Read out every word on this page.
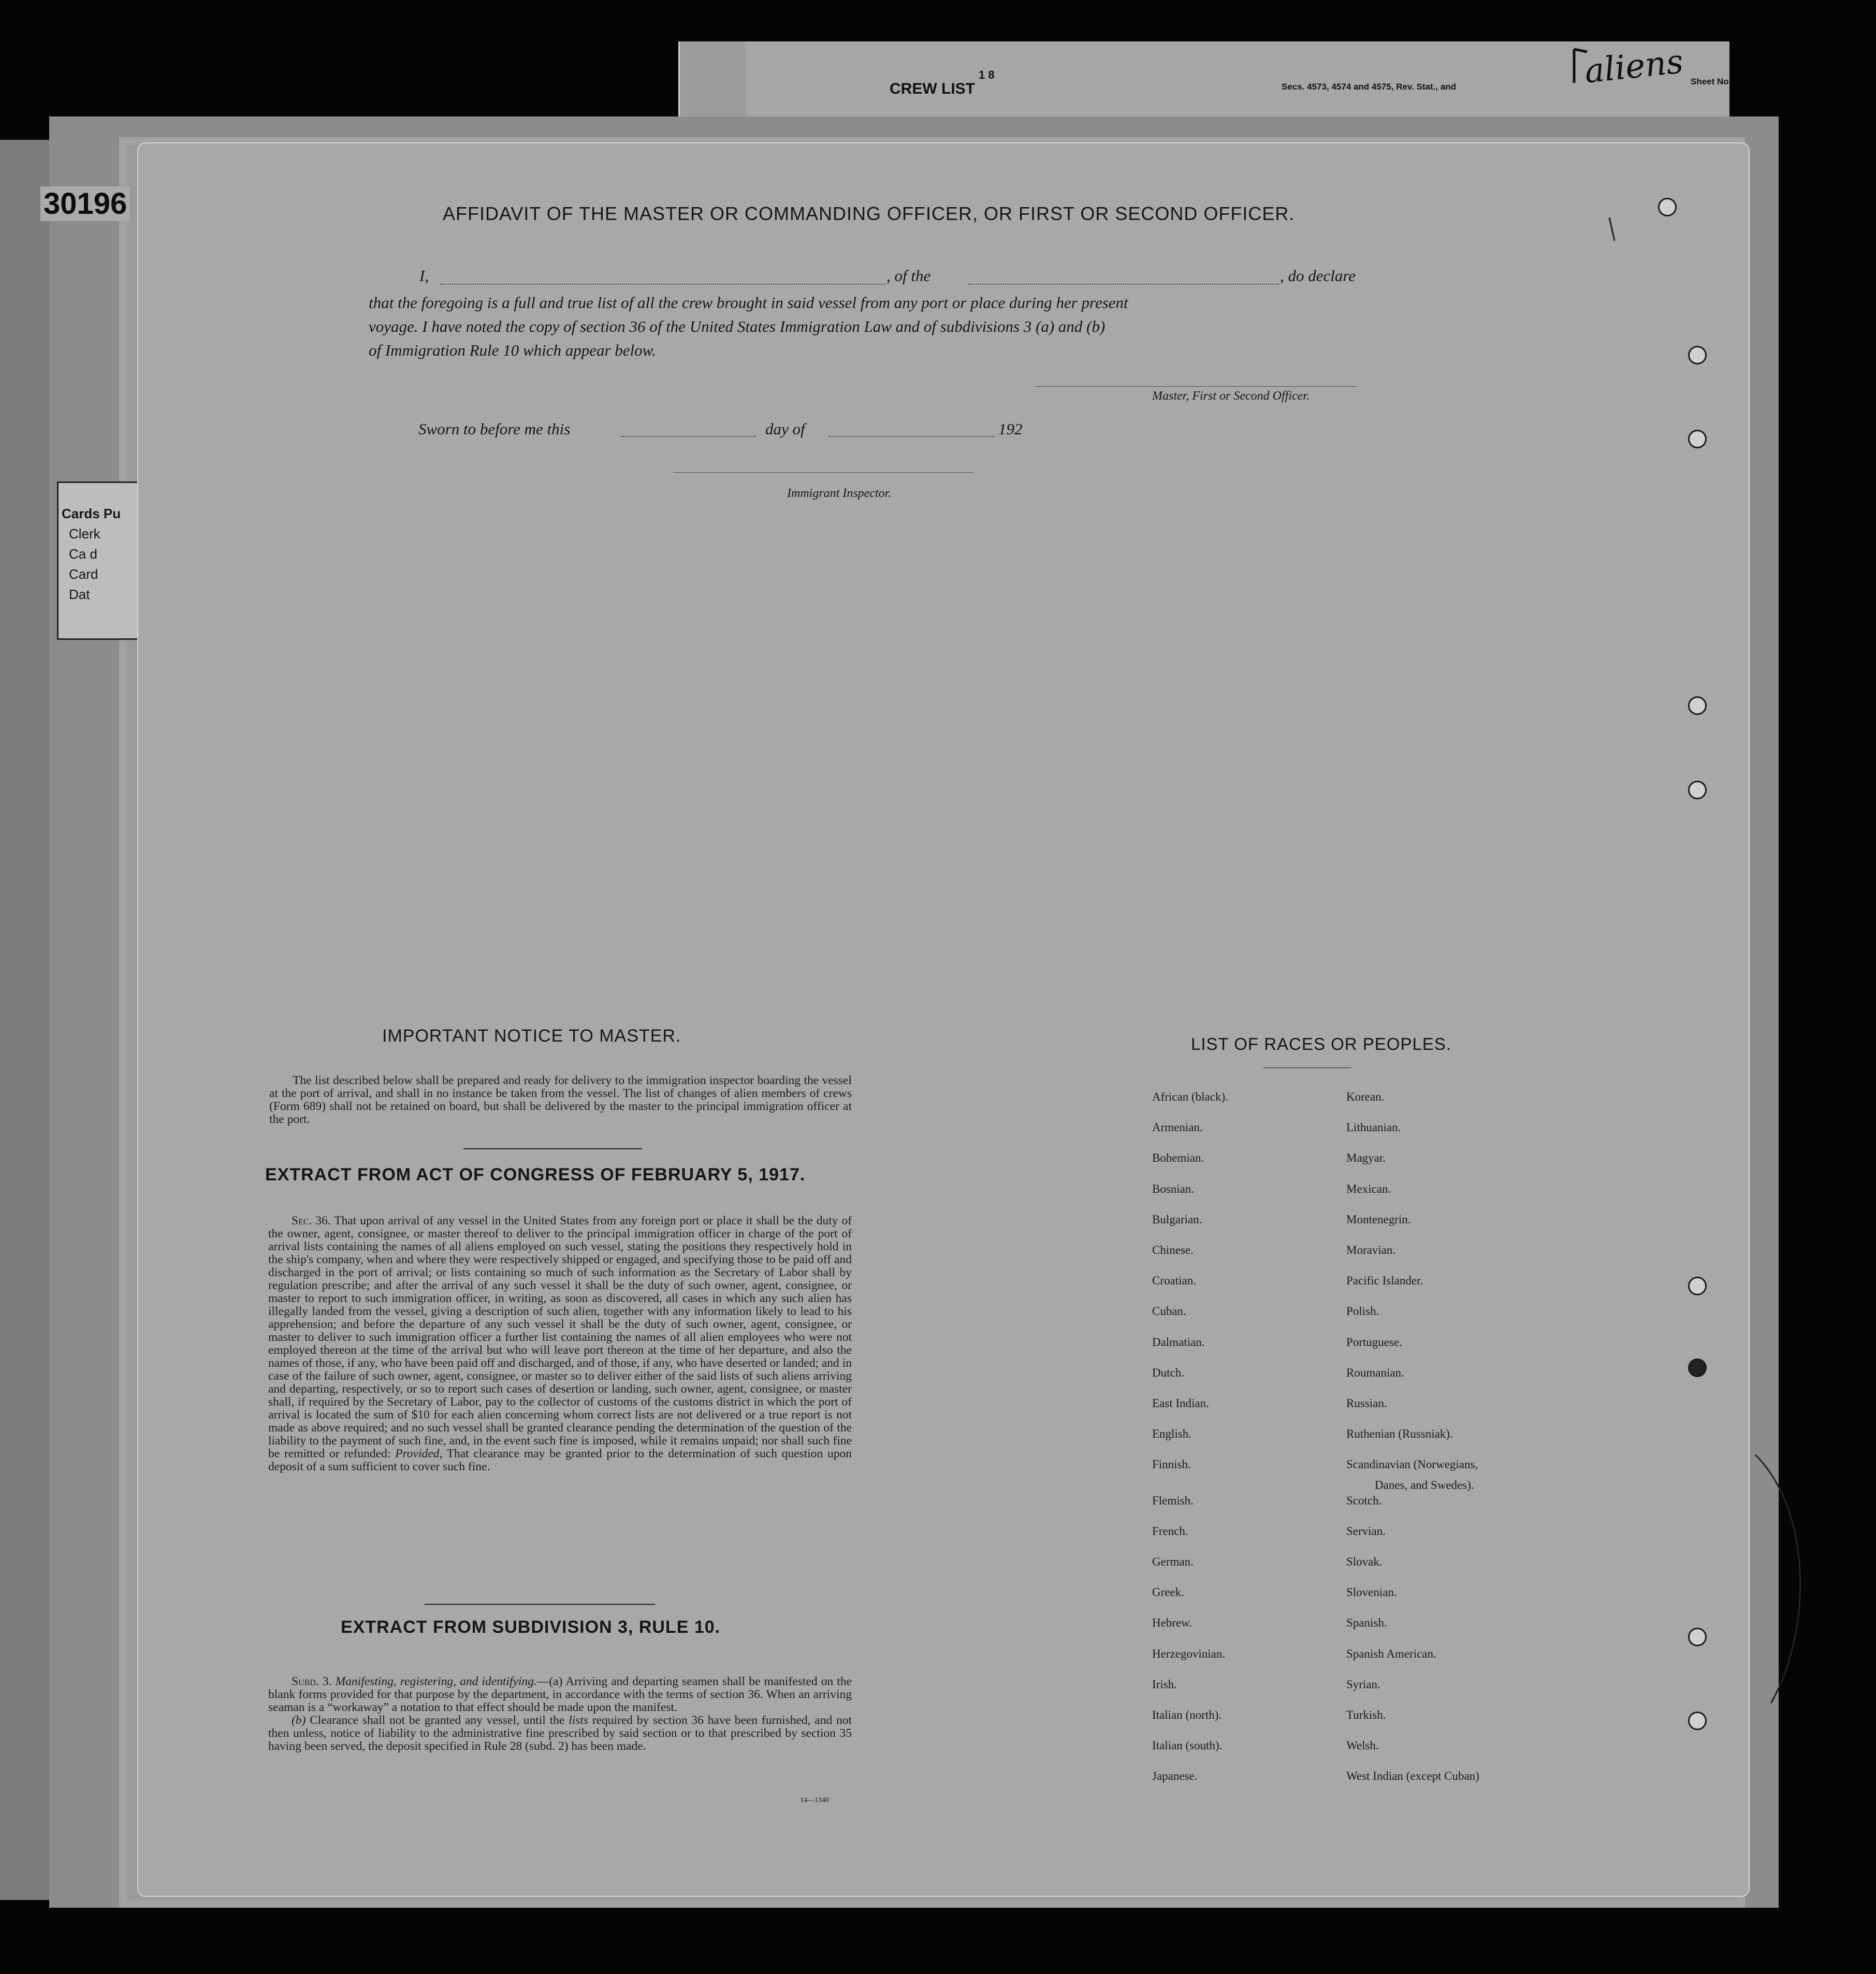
1 8
CREW LIST	Secs. 4573, 4574 and 4575, Rev. Stat., and
Sheet No.
aliens
30196
Cards Pu
Clerk
Ca d
Card
Dat
AFFIDAVIT OF THE MASTER OR COMMANDING OFFICER, OR FIRST OR SECOND OFFICER.
I,	, of the	, do declare
that the foregoing is a full and true list of all the crew brought in said vessel from any port or place during her present
voyage. I have noted the copy of section 36 of the United States Immigration Law and of subdivisions 3 (a) and (b)
of Immigration Rule 10 which appear below.
Master, First or Second Officer.
Sworn to before me this	day of	192
Immigrant Inspector.
IMPORTANT NOTICE TO MASTER.
The list described below shall be prepared and ready for delivery to the immigration inspector boarding the vessel at the port of arrival, and shall in no instance be taken from the vessel. The list of changes of alien members of crews (Form 689) shall not be retained on board, but shall be delivered by the master to the principal immigration officer at the port.
EXTRACT FROM ACT OF CONGRESS OF FEBRUARY 5, 1917.
Sec. 36. That upon arrival of any vessel in the United States from any foreign port or place it shall be the duty of the owner, agent, consignee, or master thereof to deliver to the principal immigration officer in charge of the port of arrival lists containing the names of all aliens employed on such vessel, stating the positions they respectively hold in the ship's company, when and where they were respectively shipped or engaged, and specifying those to be paid off and discharged in the port of arrival; or lists containing so much of such information as the Secretary of Labor shall by regulation prescribe; and after the arrival of any such vessel it shall be the duty of such owner, agent, consignee, or master to report to such immigration officer, in writing, as soon as discovered, all cases in which any such alien has illegally landed from the vessel, giving a description of such alien, together with any information likely to lead to his apprehension; and before the departure of any such vessel it shall be the duty of such owner, agent, consignee, or master to deliver to such immigration officer a further list containing the names of all alien employees who were not employed thereon at the time of the arrival but who will leave port thereon at the time of her departure, and also the names of those, if any, who have been paid off and discharged, and of those, if any, who have deserted or landed; and in case of the failure of such owner, agent, consignee, or master so to deliver either of the said lists of such aliens arriving and departing, respectively, or so to report such cases of desertion or landing, such owner, agent, consignee, or master shall, if required by the Secretary of Labor, pay to the collector of customs of the customs district in which the port of arrival is located the sum of $10 for each alien concerning whom correct lists are not delivered or a true report is not made as above required; and no such vessel shall be granted clearance pending the determination of the question of the liability to the payment of such fine, and, in the event such fine is imposed, while it remains unpaid; nor shall such fine be remitted or refunded: Provided, That clearance may be granted prior to the determination of such question upon deposit of a sum sufficient to cover such fine.
EXTRACT FROM SUBDIVISION 3, RULE 10.
Subd. 3. Manifesting, registering, and identifying.—(a) Arriving and departing seamen shall be manifested on the blank forms provided for that purpose by the department, in accordance with the terms of section 36. When an arriving seaman is a “workaway” a notation to that effect should be made upon the manifest.
(b) Clearance shall not be granted any vessel, until the lists required by section 36 have been furnished, and not then unless, notice of liability to the administrative fine prescribed by said section or to that prescribed by section 35 having been served, the deposit specified in Rule 28 (subd. 2) has been made.
14—1340
LIST OF RACES OR PEOPLES.
African (black).
Armenian.
Bohemian.
Bosnian.
Bulgarian.
Chinese.
Croatian.
Cuban.
Dalmatian.
Dutch.
East Indian.
English.
Finnish.
Flemish.
French.
German.
Greek.
Hebrew.
Herzegovinian.
Irish.
Italian (north).
Italian (south).
Japanese.
Korean.
Lithuanian.
Magyar.
Mexican.
Montenegrin.
Moravian.
Pacific Islander.
Polish.
Portuguese.
Roumanian.
Russian.
Ruthenian (Russniak).
Scandinavian (Norwegians,
Scotch.
Servian.
Slovak.
Slovenian.
Spanish.
Spanish American.
Syrian.
Turkish.
Welsh.
West Indian (except Cuban)
Danes, and Swedes).
